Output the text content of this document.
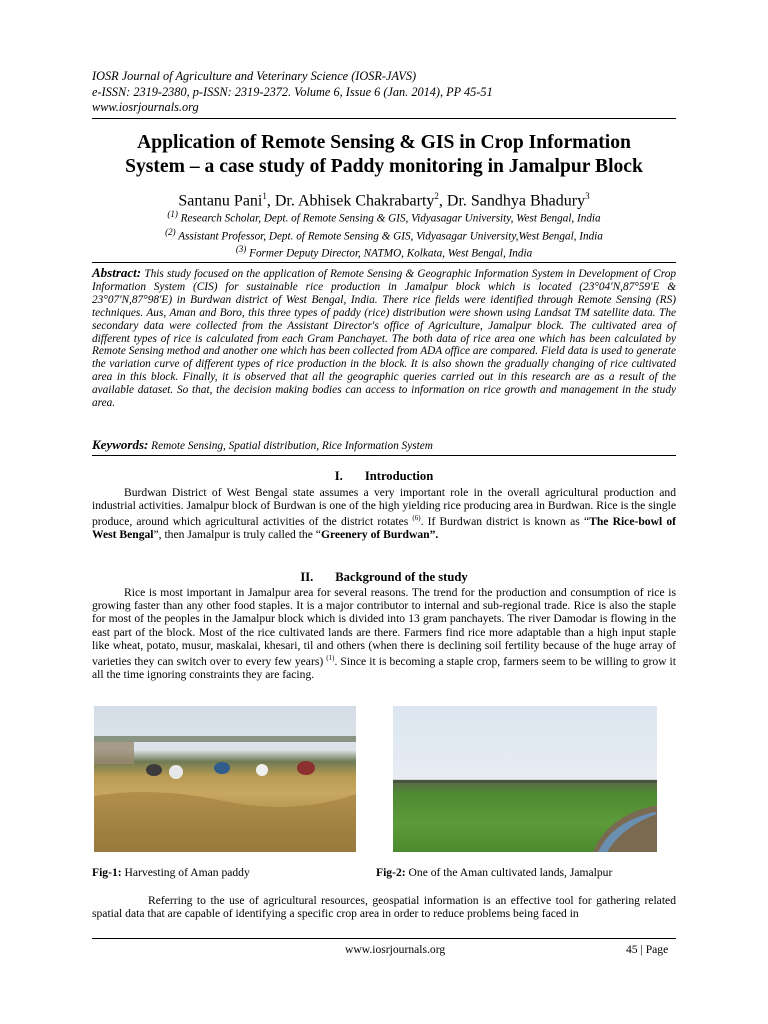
IOSR Journal of Agriculture and Veterinary Science (IOSR-JAVS)
e-ISSN: 2319-2380, p-ISSN: 2319-2372. Volume 6, Issue 6 (Jan. 2014), PP 45-51
www.iosrjournals.org
Application of Remote Sensing & GIS in Crop Information
System – a case study of Paddy monitoring in Jamalpur Block
Santanu Pani$^1$, Dr. Abhisek Chakrabarty$^2$, Dr. Sandhya Bhadury$^3$
$^{(1)}$ Research Scholar, Dept. of Remote Sensing & GIS, Vidyasagar University, West Bengal, India
$^{(2)}$ Assistant Professor, Dept. of Remote Sensing & GIS, Vidyasagar University,West Bengal, India
$^{(3)}$ Former Deputy Director, NATMO, Kolkata, West Bengal, India
Abstract: This study focused on the application of Remote Sensing & Geographic Information System in Development of Crop Information System (CIS) for sustainable rice production in Jamalpur block which is located (23°04'N,87°59'E & 23°07'N,87°98'E) in Burdwan district of West Bengal, India. There rice fields were identified through Remote Sensing (RS) techniques. Aus, Aman and Boro, this three types of paddy (rice) distribution were shown using Landsat TM satellite data. The secondary data were collected from the Assistant Director's office of Agriculture, Jamalpur block. The cultivated area of different types of rice is calculated from each Gram Panchayet. The both data of rice area one which has been calculated by Remote Sensing method and another one which has been collected from ADA office are compared. Field data is used to generate the variation curve of different types of rice production in the block. It is also shown the gradually changing of rice cultivated area in this block. Finally, it is observed that all the geographic queries carried out in this research are as a result of the available dataset. So that, the decision making bodies can access to information on rice growth and management in the study area.
Keywords: Remote Sensing, Spatial distribution, Rice Information System
I. Introduction
Burdwan District of West Bengal state assumes a very important role in the overall agricultural production and industrial activities. Jamalpur block of Burdwan is one of the high yielding rice producing area in Burdwan. Rice is the single produce, around which agricultural activities of the district rotates $^{(6)}$. If Burdwan district is known as “The Rice-bowl of West Bengal”, then Jamalpur is truly called the “Greenery of Burdwan”.
II. Background of the study
Rice is most important in Jamalpur area for several reasons. The trend for the production and consumption of rice is growing faster than any other food staples. It is a major contributor to internal and sub-regional trade. Rice is also the staple for most of the peoples in the Jamalpur block which is divided into 13 gram panchayets. The river Damodar is flowing in the east part of the block. Most of the rice cultivated lands are there. Farmers find rice more adaptable than a high input staple like wheat, potato, musur, maskalai, khesari, til and others (when there is declining soil fertility because of the huge array of varieties they can switch over to every few years) $^{(1)}$. Since it is becoming a staple crop, farmers seem to be willing to grow it all the time ignoring constraints they are facing.
Fig-1: Harvesting of Aman paddy	Fig-2: One of the Aman cultivated lands, Jamalpur
Referring to the use of agricultural resources, geospatial information is an effective tool for gathering related spatial data that are capable of identifying a specific crop area in order to reduce problems being faced in
www.iosrjournals.org	45 | Page
